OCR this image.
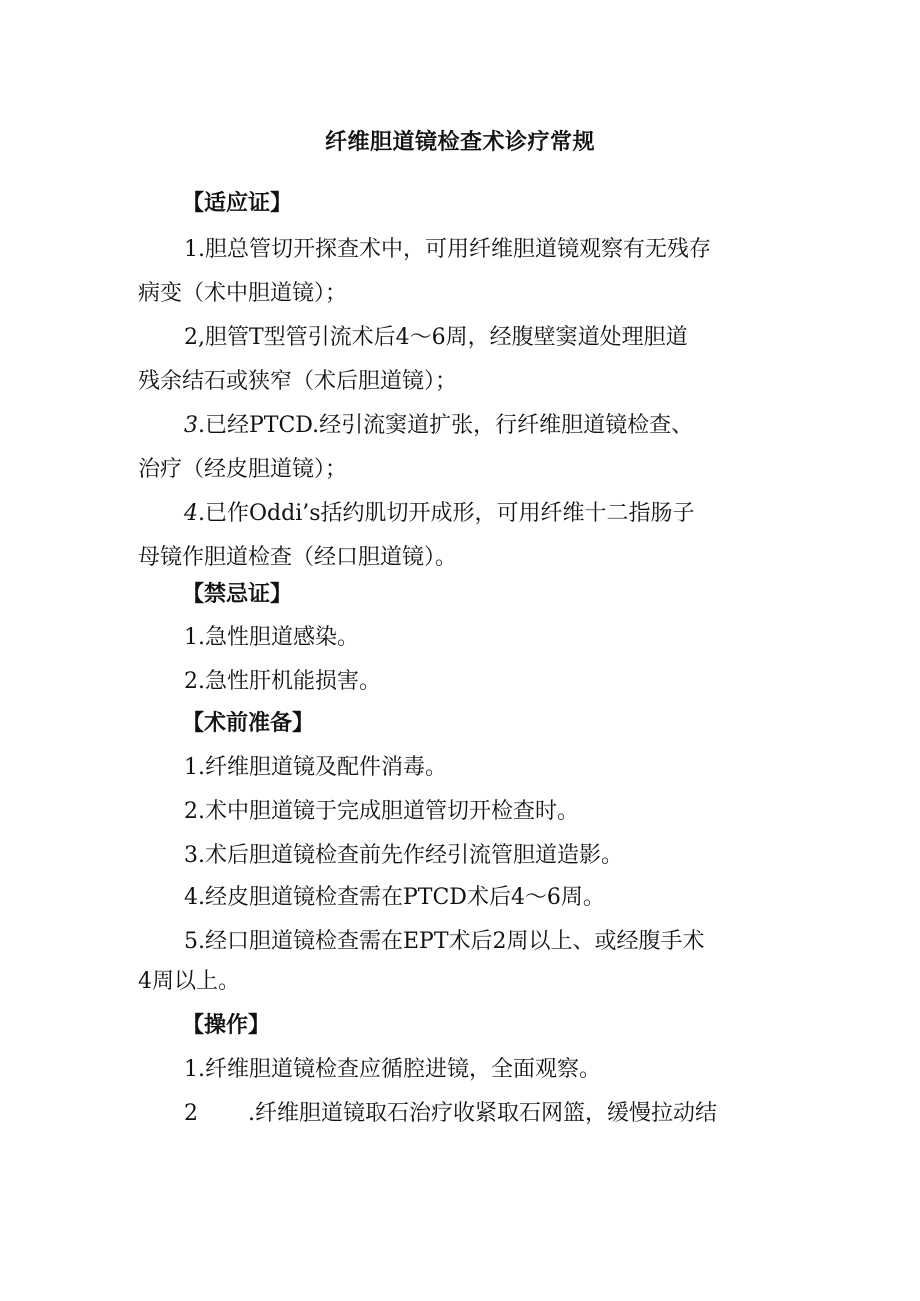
纤维胆道镜检查术诊疗常规
【适应证】
1.胆总管切开探查术中，可用纤维胆道镜观察有无残存
病变（术中胆道镜）；
2,胆管T型管引流术后4～6周，经腹壁窦道处理胆道
残余结石或狭窄（术后胆道镜）；
3.已经PTCD.经引流窦道扩张，行纤维胆道镜检查、
治疗（经皮胆道镜）；
4.已作Oddi’s括约肌切开成形，可用纤维十二指肠子
母镜作胆道检查（经口胆道镜）。
【禁忌证】
1.急性胆道感染。
2.急性肝机能损害。
【术前准备】
1.纤维胆道镜及配件消毒。
2.术中胆道镜于完成胆道管切开检查时。
3.术后胆道镜检查前先作经引流管胆道造影。
4.经皮胆道镜检查需在PTCD术后4～6周。
5.经口胆道镜检查需在EPT术后2周以上、或经腹手术
4周以上。
【操作】
1.纤维胆道镜检查应循腔进镜，全面观察。
2 .纤维胆道镜取石治疗收紧取石网篮，缓慢拉动结
